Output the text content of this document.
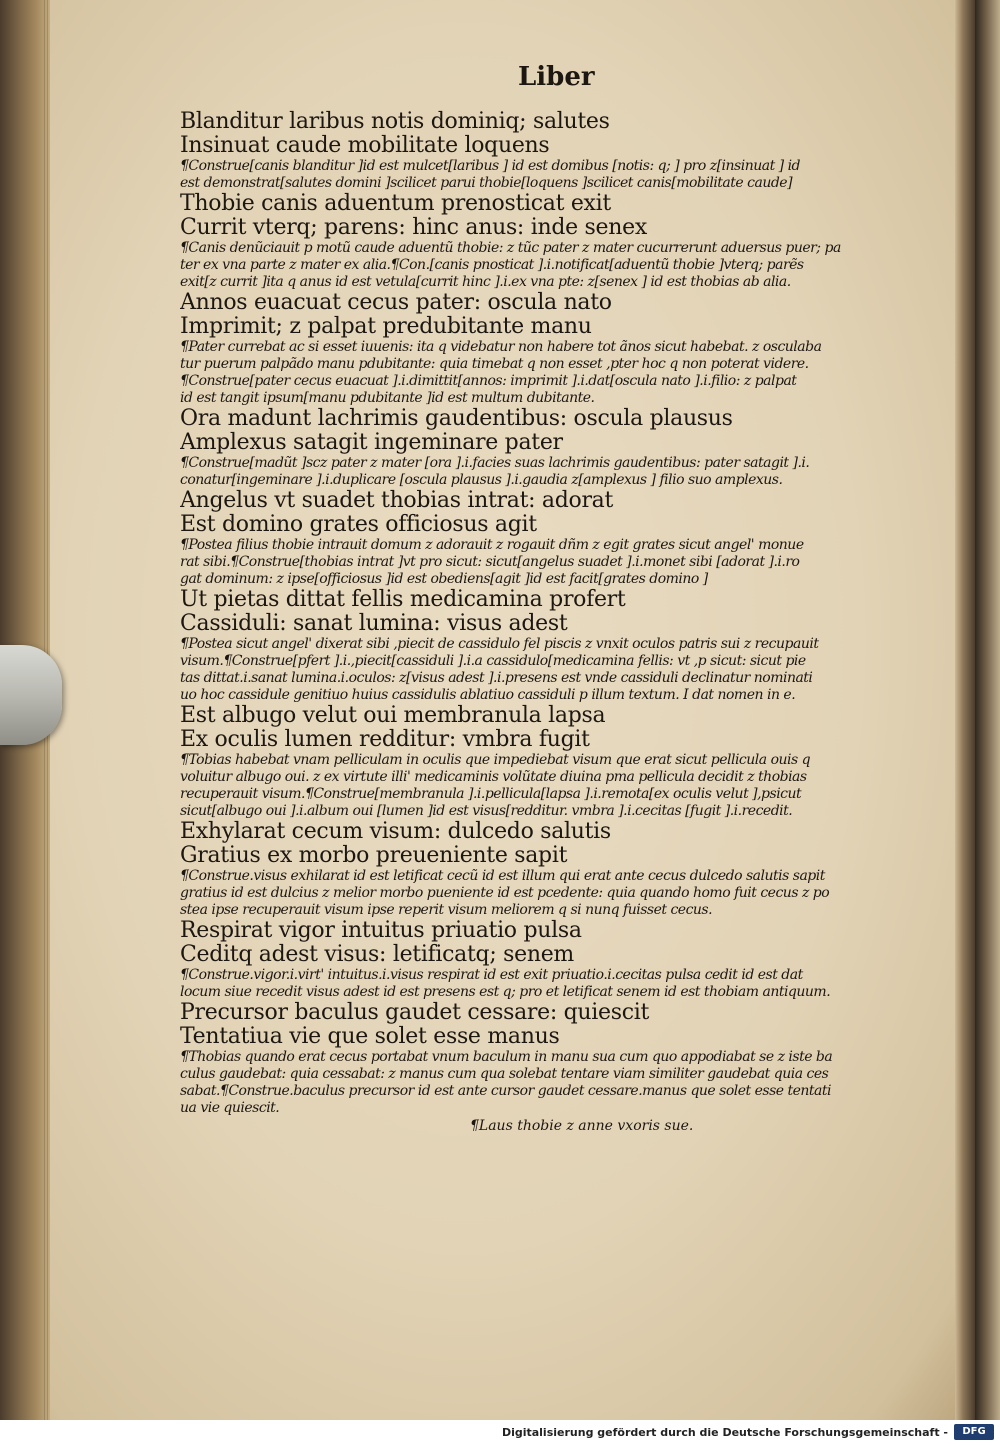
Liber
Blanditur laribus notis dominiq; salutes
Insinuat caude mobilitate loquens
¶Construe[canis blanditur ]id est mulcet[laribus ] id est domibus [notis: q; ] pro z[insinuat ] id
est demonstrat[salutes domini ]scilicet parui thobie[loquens ]scilicet canis[mobilitate caude]
Thobie canis aduentum prenosticat exit
Currit vterq; parens: hinc anus: inde senex
¶Canis denũciauit p motũ caude aduentũ thobie: z tũc pater z mater cucurrerunt aduersus puer; pa
ter ex vna parte z mater ex alia.¶Con.[canis pnosticat ].i.notificat[aduentũ thobie ]vterq; parẽs
exit[z currit ]ita q anus id est vetula[currit hinc ].i.ex vna pte: z[senex ] id est thobias ab alia.
Annos euacuat cecus pater: oscula nato
Imprimit; z palpat predubitante manu
¶Pater currebat ac si esset iuuenis: ita q videbatur non habere tot ãnos sicut habebat. z osculaba
tur puerum palpãdo manu pdubitante: quia timebat q non esset ,pter hoc q non poterat videre.
¶Construe[pater cecus euacuat ].i.dimittit[annos: imprimit ].i.dat[oscula nato ].i.filio: z palpat
id est tangit ipsum[manu pdubitante ]id est multum dubitante.
Ora madunt lachrimis gaudentibus: oscula plausus
Amplexus satagit ingeminare pater
¶Construe[madũt ]scz pater z mater [ora ].i.facies suas lachrimis gaudentibus: pater satagit ].i.
conatur[ingeminare ].i.duplicare [oscula plausus ].i.gaudia z[amplexus ] filio suo amplexus.
Angelus vt suadet thobias intrat: adorat
Est domino grates officiosus agit
¶Postea filius thobie intrauit domum z adorauit z rogauit dñm z egit grates sicut angel' monue
rat sibi.¶Construe[thobias intrat ]vt pro sicut: sicut[angelus suadet ].i.monet sibi [adorat ].i.ro
gat dominum: z ipse[officiosus ]id est obediens[agit ]id est facit[grates domino ]
Ut pietas dittat fellis medicamina profert
Cassiduli: sanat lumina: visus adest
¶Postea sicut angel' dixerat sibi ,piecit de cassidulo fel piscis z vnxit oculos patris sui z recupauit
visum.¶Construe[pfert ].i.,piecit[cassiduli ].i.a cassidulo[medicamina fellis: vt ,p sicut: sicut pie
tas dittat.i.sanat lumina.i.oculos: z[visus adest ].i.presens est vnde cassiduli declinatur nominati
uo hoc cassidule genitiuo huius cassidulis ablatiuo cassiduli p illum textum. I dat nomen in e.
Est albugo velut oui membranula lapsa
Ex oculis lumen redditur: vmbra fugit
¶Tobias habebat vnam pelliculam in oculis que impediebat visum que erat sicut pellicula ouis q
voluitur albugo oui. z ex virtute illi' medicaminis volũtate diuina pma pellicula decidit z thobias
recuperauit visum.¶Construe[membranula ].i.pellicula[lapsa ].i.remota[ex oculis velut ],psicut
sicut[albugo oui ].i.album oui [lumen ]id est visus[redditur. vmbra ].i.cecitas [fugit ].i.recedit.
Exhylarat cecum visum: dulcedo salutis
Gratius ex morbo preueniente sapit
¶Construe.visus exhilarat id est letificat cecũ id est illum qui erat ante cecus dulcedo salutis sapit
gratius id est dulcius z melior morbo pueniente id est pcedente: quia quando homo fuit cecus z po
stea ipse recuperauit visum ipse reperit visum meliorem q si nunq fuisset cecus.
Respirat vigor intuitus priuatio pulsa
Ceditq adest visus: letificatq; senem
¶Construe.vigor.i.virt' intuitus.i.visus respirat id est exit priuatio.i.cecitas pulsa cedit id est dat
locum siue recedit visus adest id est presens est q; pro et letificat senem id est thobiam antiquum.
Precursor baculus gaudet cessare: quiescit
Tentatiua vie que solet esse manus
¶Thobias quando erat cecus portabat vnum baculum in manu sua cum quo appodiabat se z iste ba
culus gaudebat: quia cessabat: z manus cum qua solebat tentare viam similiter gaudebat quia ces
sabat.¶Construe.baculus precursor id est ante cursor gaudet cessare.manus que solet esse tentati
ua vie quiescit.
¶Laus thobie z anne vxoris sue.
Digitalisierung gefördert durch die Deutsche Forschungsgemeinschaft -	DFG
